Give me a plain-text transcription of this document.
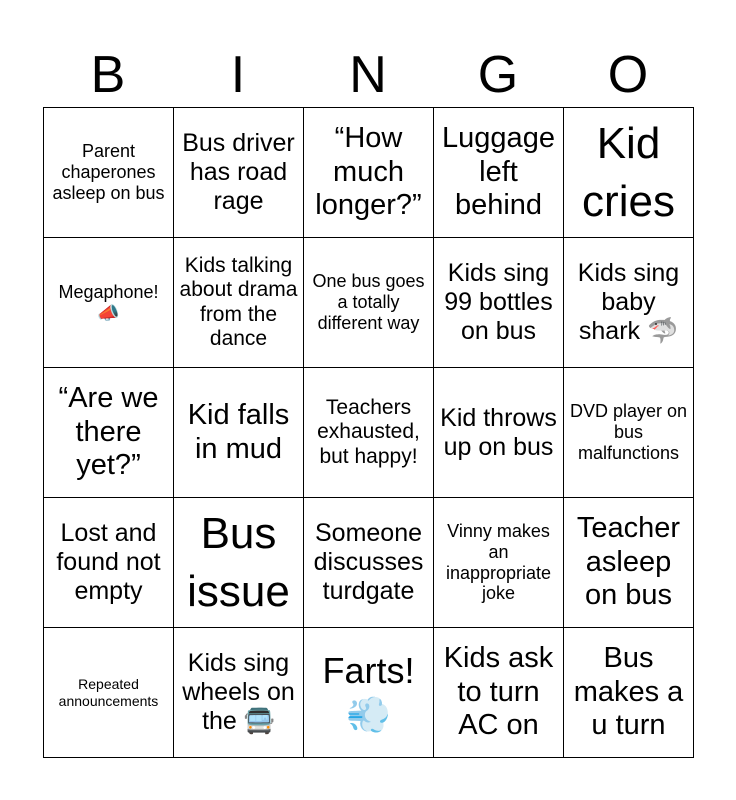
B	I	N	G	O
Parent chaperones asleep on bus	Bus driver has road rage	“How much longer?”	Luggage left behind	Kid cries
Megaphone! 📣	Kids talking about drama from the dance	One bus goes a totally different way	Kids sing 99 bottles on bus	Kids sing baby shark 🦈
“Are we there yet?”	Kid falls in mud	Teachers exhausted, but happy!	Kid throws up on bus	DVD player on bus malfunctions
Lost and found not empty	Bus issue	Someone discusses turdgate	Vinny makes an inappropriate joke	Teacher asleep on bus
Repeated announcements	Kids sing wheels on the 🚍	Farts! 💨	Kids ask to turn AC on	Bus makes a u turn
